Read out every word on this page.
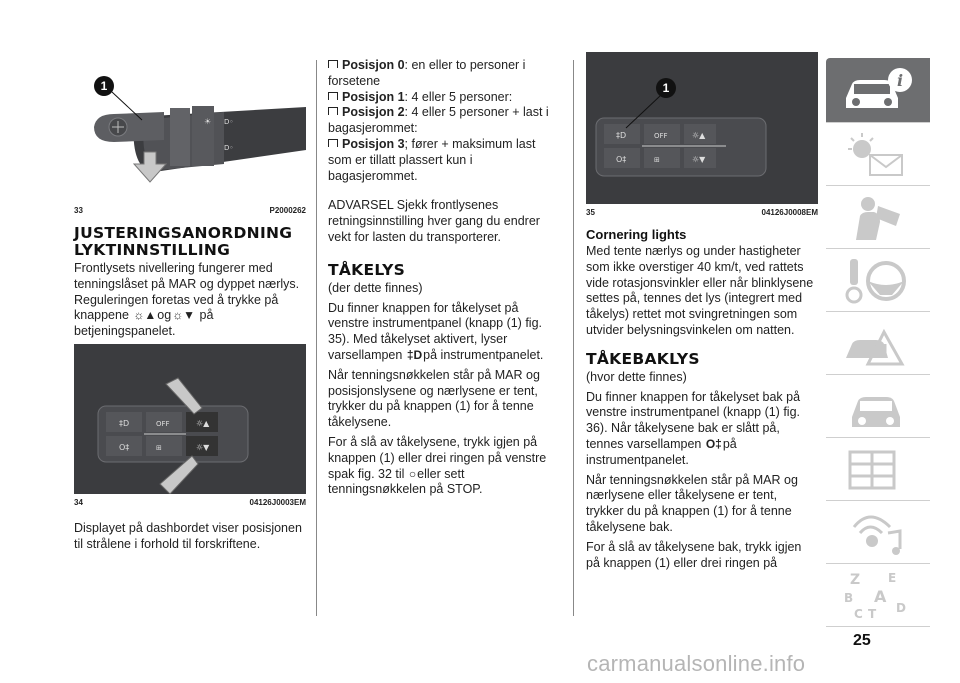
☀ D◦
D◦
1
33	P2000262
JUSTERINGSANORDNING LYKTINNSTILLING

Frontlysets nivellering fungerer med tenningslåset på MAR og dyppet nærlys. Reguleringen foretas ved å trykke på knappene ☼▲og☼▼ på betjeningspanelet.

‡D	OFF	☼▲
O‡	⊞	☼▼
34	04126J0003EM

Displayet på dashbordet viser posisjonen til strålene i forhold til forskriftene.

Posisjon 0: en eller to personer i forsetene

Posisjon 1: 4 eller 5 personer:

Posisjon 2: 4 eller 5 personer + last i bagasjerommet:

Posisjon 3; fører + maksimum last som er tillatt plassert kun i bagasjerommet.

ADVARSEL Sjekk frontlysenes retningsinnstilling hver gang du endrer vekt for lasten du transporterer.

TÅKELYS

(der dette finnes)

Du finner knappen for tåkelyset på venstre instrumentpanel (knapp (1) fig. 35). Med tåkelyset aktivert, lyser varsellampen ‡Dpå instrumentpanelet.

Når tenningsnøkkelen står på MAR og posisjonslysene og nærlysene er tent, trykker du på knappen (1) for å tenne tåkelysene.

For å slå av tåkelysene, trykk igjen på knappen (1) eller drei ringen på venstre spak fig. 32 til ○eller sett tenningsnøkkelen på STOP.

‡D	OFF	☼▲
O‡	⊞	☼▼
1
35	04126J0008EM
Cornering lights

Med tente nærlys og under hastigheter som ikke overstiger 40 km/t, ved rattets vide rotasjonsvinkler eller når blinklysene settes på, tennes det lys (integrert med tåkelys) rettet mot svingretningen som utvider belysningsvinkelen om natten.

TÅKEBAKLYS

(hvor dette finnes)

Du finner knappen for tåkelyset bak på venstre instrumentpanel (knapp (1) fig. 36). Når tåkelysene bak er slått på, tennes varsellampen O‡på instrumentpanelet.

Når tenningsnøkkelen står på MAR og nærlysene eller tåkelysene er tent, trykker du på knappen (1) for å tenne tåkelysene bak.

For å slå av tåkelysene bak, trykk igjen på knappen (1) eller drei ringen på

i
Z E
B A
C T D
25
carmanualsonline.info
